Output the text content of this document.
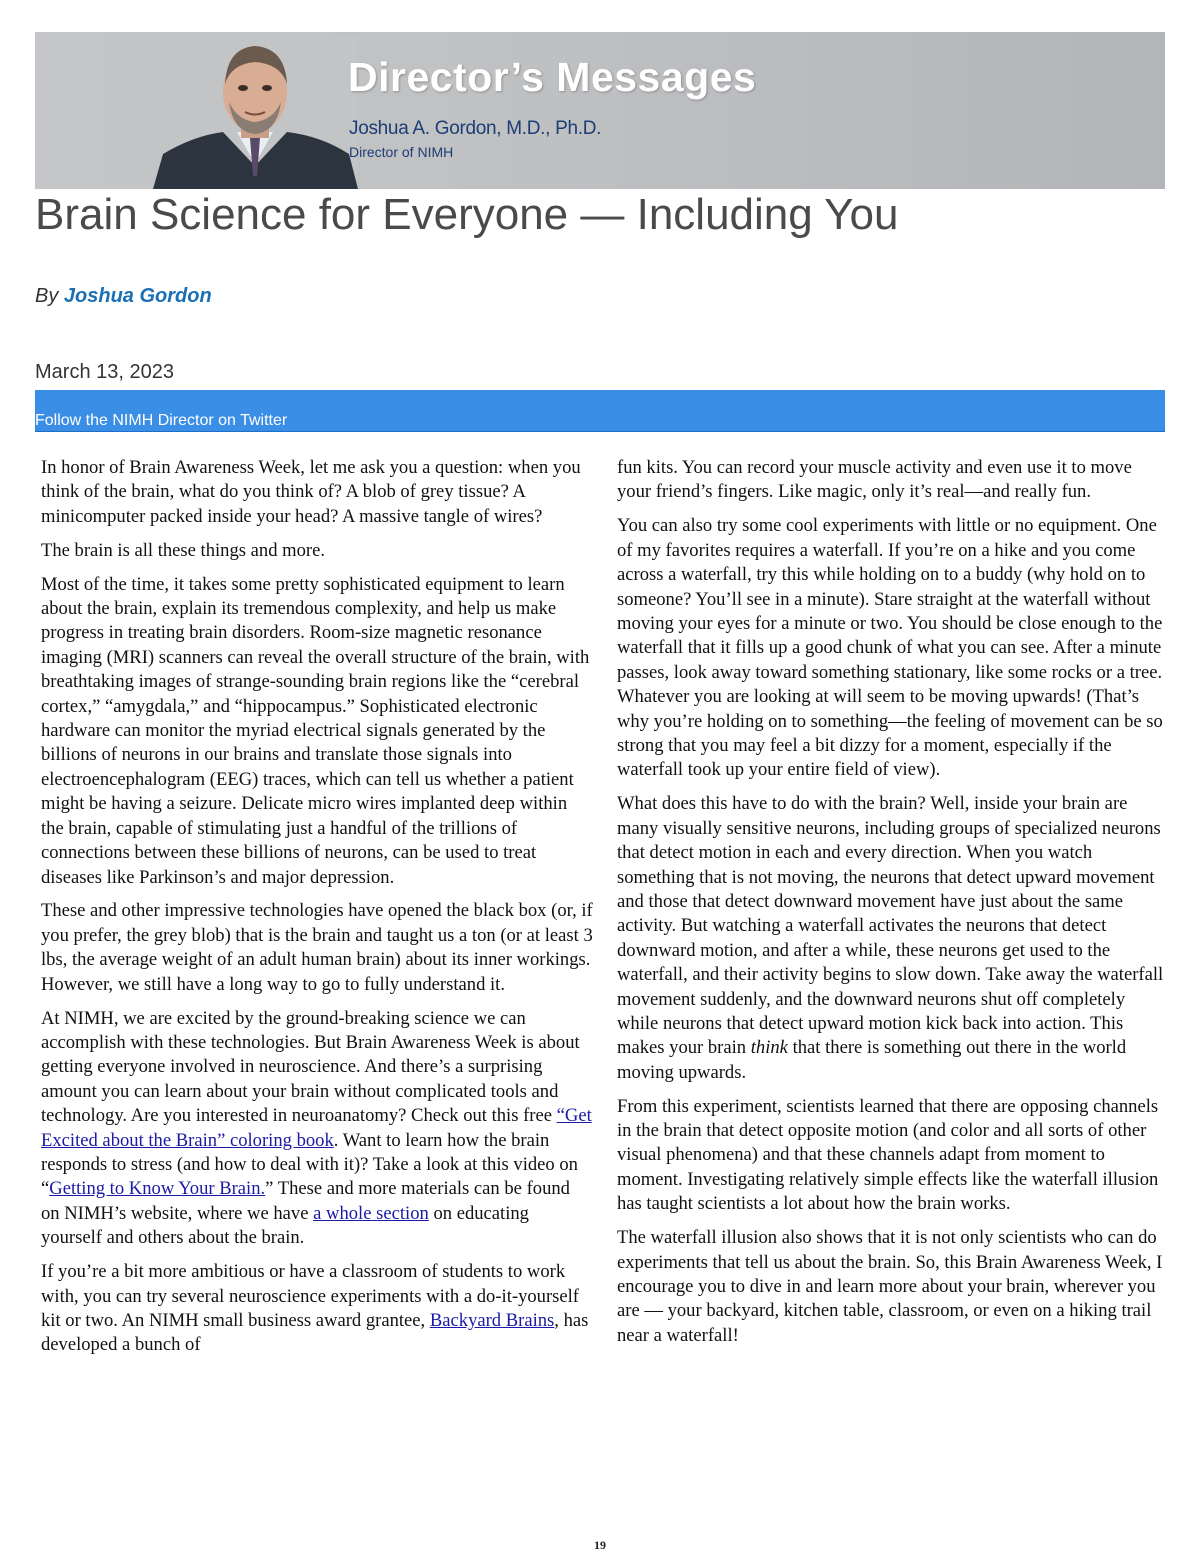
Director’s Messages
Joshua A. Gordon, M.D., Ph.D.
Director of NIMH
Brain Science for Everyone — Including You
By Joshua Gordon
March 13, 2023
Follow the NIMH Director on Twitter

In honor of Brain Awareness Week, let me ask you a question: when you think of the brain, what do you think of? A blob of grey tissue? A minicomputer packed inside your head? A massive tangle of wires?

The brain is all these things and more.

Most of the time, it takes some pretty sophisticated equipment to learn about the brain, explain its tremendous complexity, and help us make progress in treating brain disorders. Room-size magnetic resonance imaging (MRI) scanners can reveal the overall structure of the brain, with breathtaking images of strange-sounding brain regions like the “cerebral cortex,” “amygdala,” and “hippocampus.” Sophisticated electronic hardware can monitor the myriad electrical signals generated by the billions of neurons in our brains and translate those signals into electroencephalogram (EEG) traces, which can tell us whether a patient might be having a seizure. Delicate micro wires implanted deep within the brain, capable of stimulating just a handful of the trillions of connections between these billions of neurons, can be used to treat diseases like Parkinson’s and major depression.

These and other impressive technologies have opened the black box (or, if you prefer, the grey blob) that is the brain and taught us a ton (or at least 3 lbs, the average weight of an adult human brain) about its inner workings. However, we still have a long way to go to fully understand it.

At NIMH, we are excited by the ground-breaking science we can accomplish with these technologies. But Brain Awareness Week is about getting everyone involved in neuroscience. And there’s a surprising amount you can learn about your brain without complicated tools and technology. Are you interested in neuroanatomy? Check out this free “Get Excited about the Brain” coloring book. Want to learn how the brain responds to stress (and how to deal with it)? Take a look at this video on “Getting to Know Your Brain.” These and more materials can be found on NIMH’s website, where we have a whole section on educating yourself and others about the brain.

If you’re a bit more ambitious or have a classroom of students to work with, you can try several neuroscience experiments with a do-it-yourself kit or two. An NIMH small business award grantee, Backyard Brains, has developed a bunch of

fun kits. You can record your muscle activity and even use it to move your friend’s fingers. Like magic, only it’s real—and really fun.

You can also try some cool experiments with little or no equipment. One of my favorites requires a waterfall. If you’re on a hike and you come across a waterfall, try this while holding on to a buddy (why hold on to someone? You’ll see in a minute). Stare straight at the waterfall without moving your eyes for a minute or two. You should be close enough to the waterfall that it fills up a good chunk of what you can see. After a minute passes, look away toward something stationary, like some rocks or a tree. Whatever you are looking at will seem to be moving upwards! (That’s why you’re holding on to something—the feeling of movement can be so strong that you may feel a bit dizzy for a moment, especially if the waterfall took up your entire field of view).

What does this have to do with the brain? Well, inside your brain are many visually sensitive neurons, including groups of specialized neurons that detect motion in each and every direction. When you watch something that is not moving, the neurons that detect upward movement and those that detect downward movement have just about the same activity. But watching a waterfall activates the neurons that detect downward motion, and after a while, these neurons get used to the waterfall, and their activity begins to slow down. Take away the waterfall movement suddenly, and the downward neurons shut off completely while neurons that detect upward motion kick back into action. This makes your brain think that there is something out there in the world moving upwards.

From this experiment, scientists learned that there are opposing channels in the brain that detect opposite motion (and color and all sorts of other visual phenomena) and that these channels adapt from moment to moment. Investigating relatively simple effects like the waterfall illusion has taught scientists a lot about how the brain works.

The waterfall illusion also shows that it is not only scientists who can do experiments that tell us about the brain. So, this Brain Awareness Week, I encourage you to dive in and learn more about your brain, wherever you are — your backyard, kitchen table, classroom, or even on a hiking trail near a waterfall!

19
